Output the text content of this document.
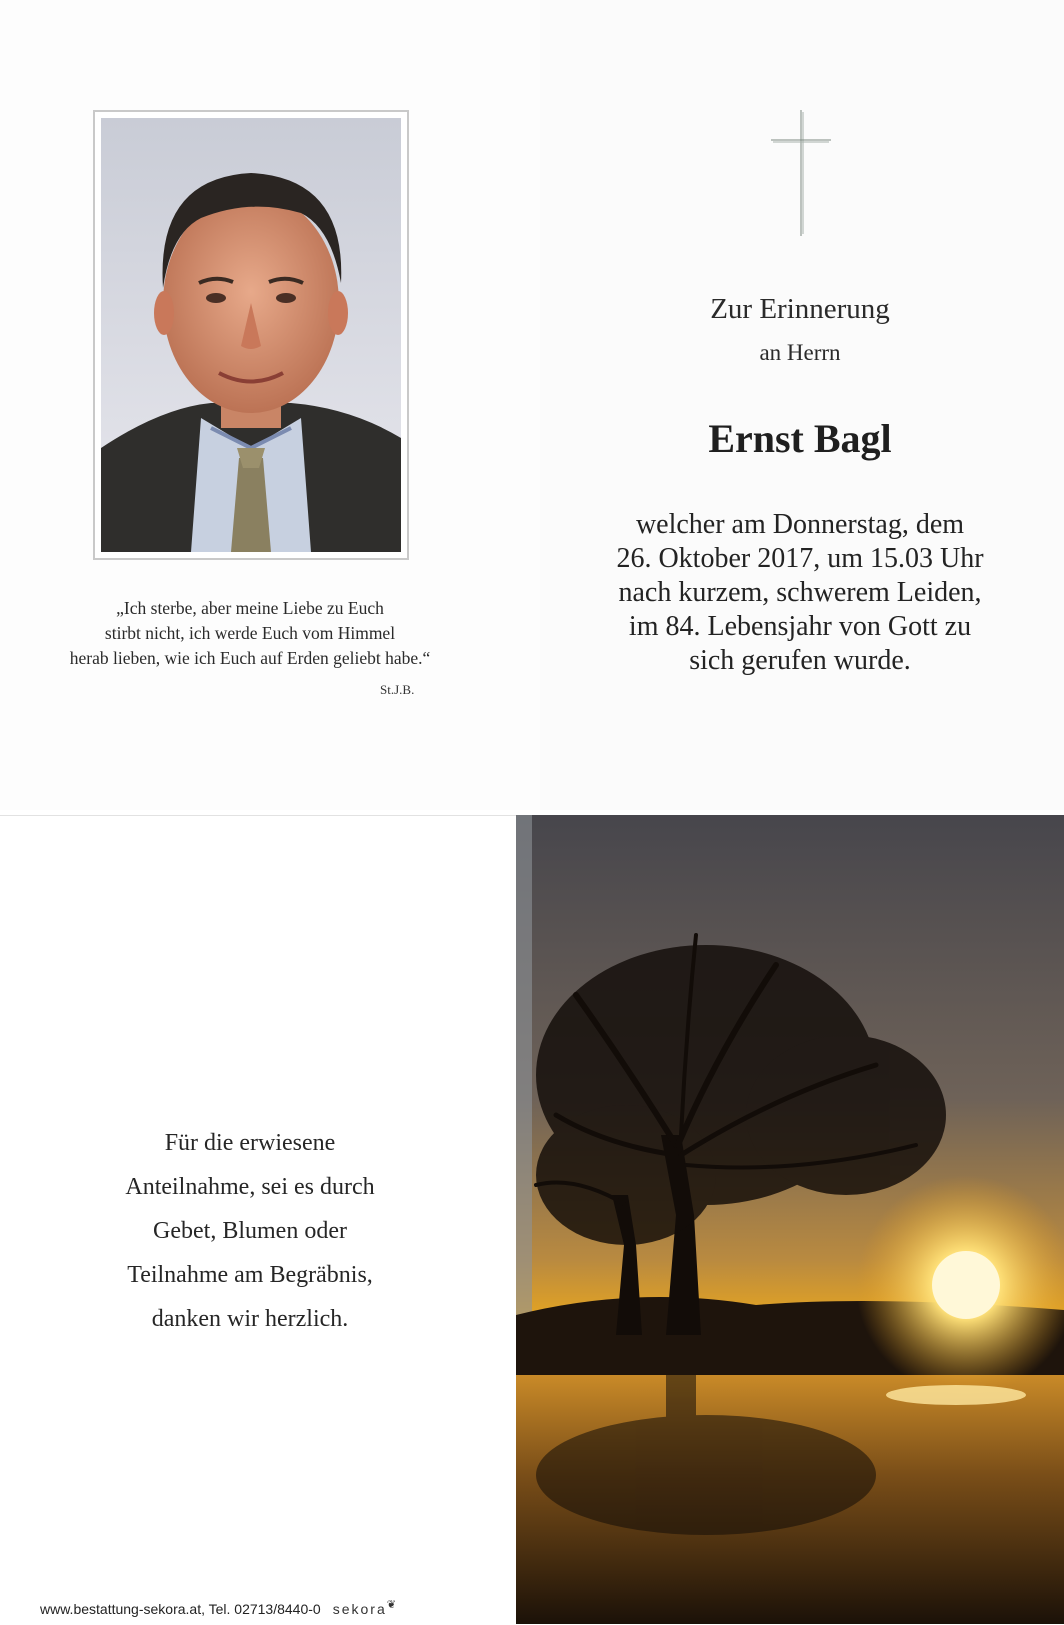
„Ich sterbe, aber meine Liebe zu Euch
stirbt nicht, ich werde Euch vom Himmel
herab lieben, wie ich Euch auf Erden geliebt habe.“
St.J.B.
Zur Erinnerung
an Herrn
Ernst Bagl
welcher am Donnerstag, dem
26. Oktober 2017, um 15.03 Uhr
nach kurzem, schwerem Leiden,
im 84. Lebensjahr von Gott zu
sich gerufen wurde.
Für die erwiesene
Anteilnahme, sei es durch
Gebet, Blumen oder
Teilnahme am Begräbnis,
danken wir herzlich.
www.bestattung-sekora.at, Tel. 02713/8440-0 sekora❦
